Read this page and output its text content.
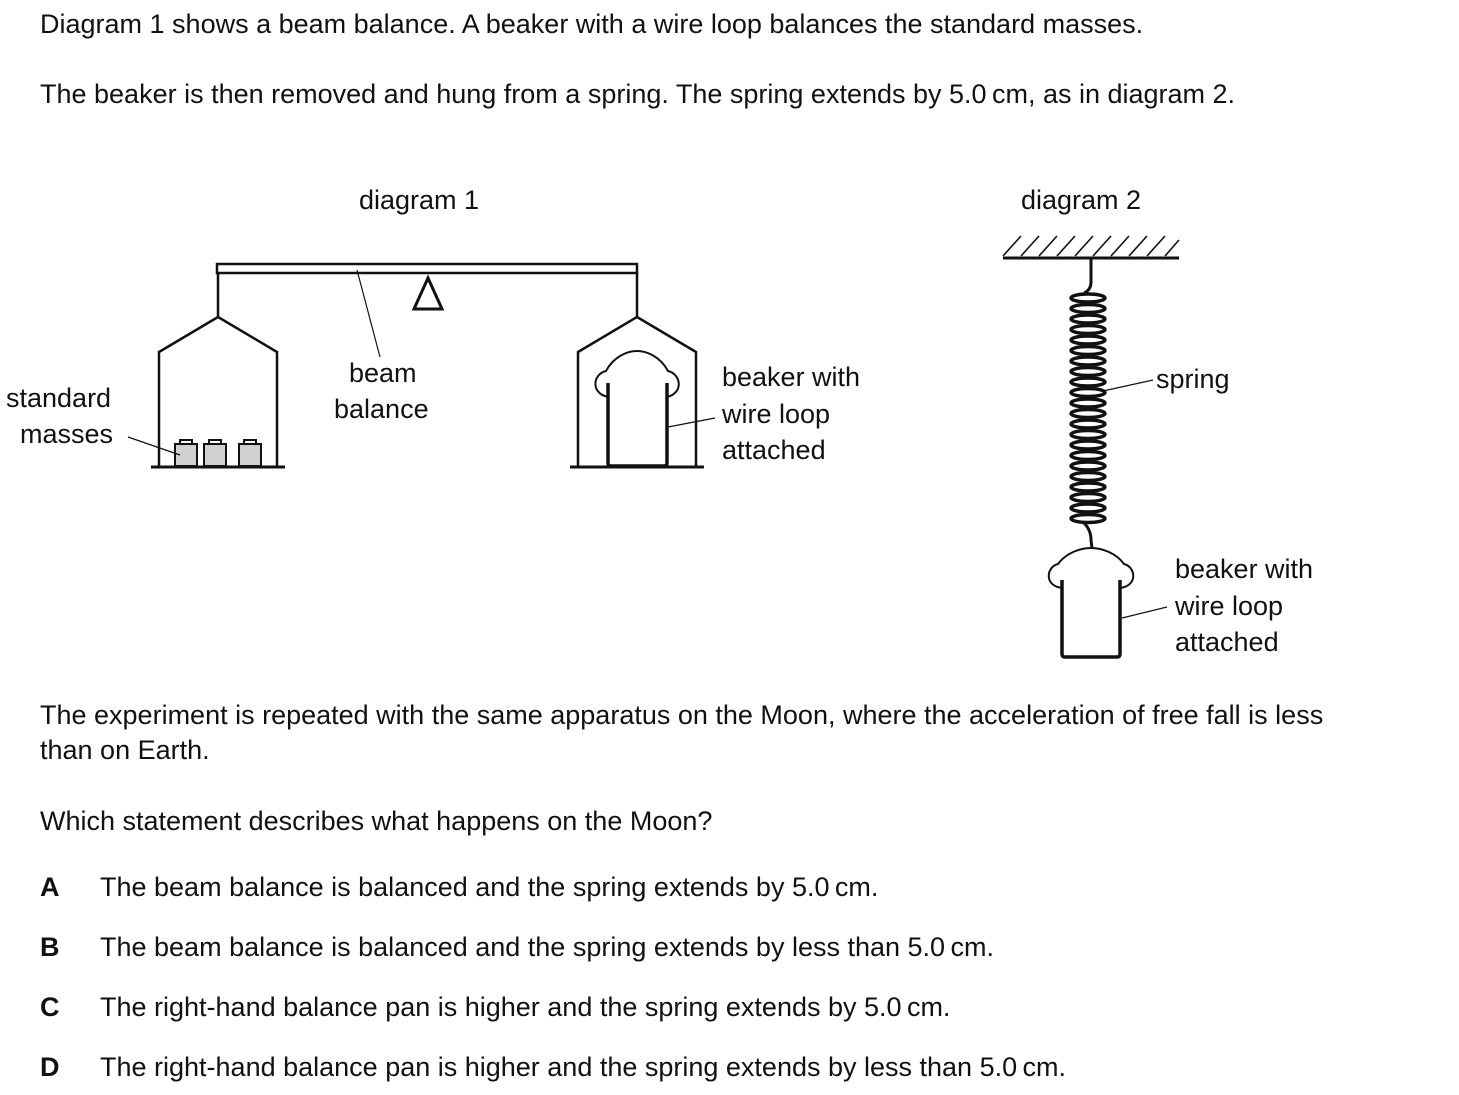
Diagram 1 shows a beam balance. A beaker with a wire loop balances the standard masses.

The beaker is then removed and hung from a spring. The spring extends by 5.0 cm, as in diagram 2.

diagram 1	diagram 2
beam
balance
standard
masses
beaker with
wire loop
attached
spring
beaker with
wire loop
attached

The experiment is repeated with the same apparatus on the Moon, where the acceleration of free fall is less than on Earth.

Which statement describes what happens on the Moon?

A The beam balance is balanced and the spring extends by 5.0 cm.
B The beam balance is balanced and the spring extends by less than 5.0 cm.
C The right-hand balance pan is higher and the spring extends by 5.0 cm.
D The right-hand balance pan is higher and the spring extends by less than 5.0 cm.
